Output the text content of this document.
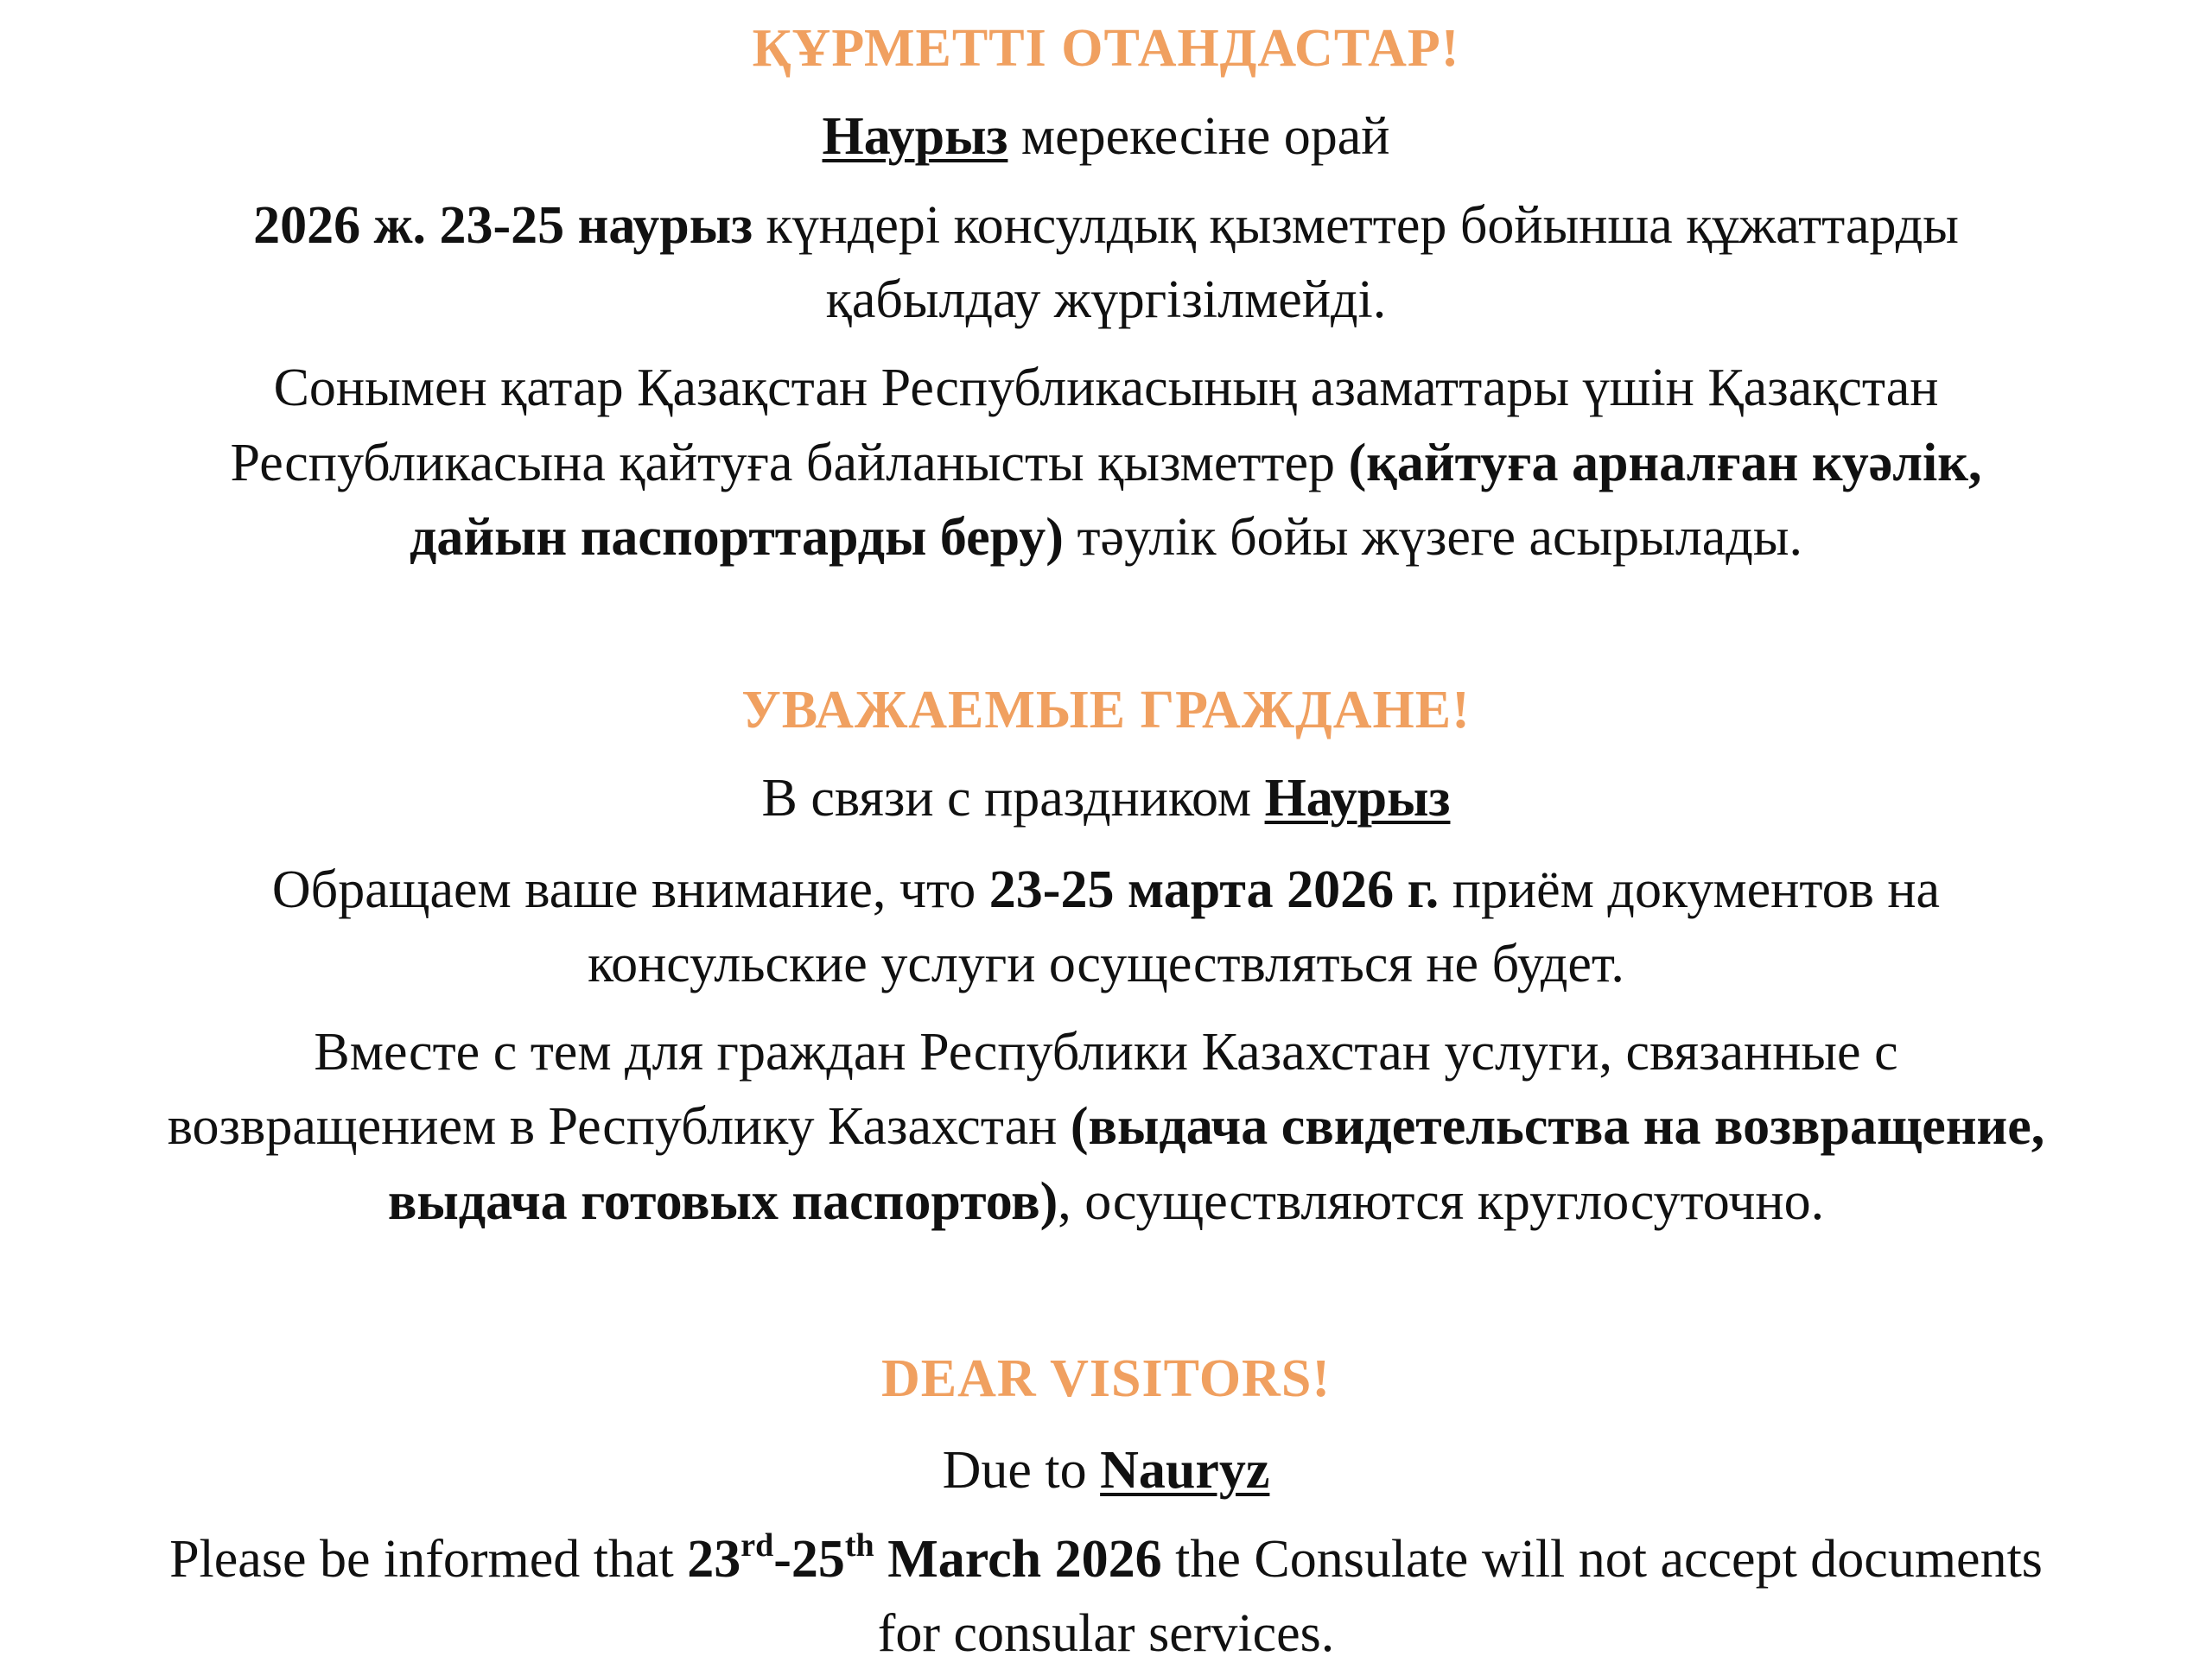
ҚҰРМЕТТІ ОТАНДАСТАР!
Наурыз мерекесіне орай
2026 ж. 23-25 наурыз күндері консулдық қызметтер бойынша құжаттарды
қабылдау жүргізілмейді.
Сонымен қатар Қазақстан Республикасының азаматтары үшін Қазақстан
Республикасына қайтуға байланысты қызметтер (қайтуға арналған куәлік,
дайын паспорттарды беру) тәулік бойы жүзеге асырылады.
УВАЖАЕМЫЕ ГРАЖДАНЕ!
В связи с праздником Наурыз
Обращаем ваше внимание, что 23-25 марта 2026 г. приём документов на
консульские услуги осуществляться не будет.
Вместе с тем для граждан Республики Казахстан услуги, связанные с
возвращением в Республику Казахстан (выдача свидетельства на возвращение,
выдача готовых паспортов), осуществляются круглосуточно.
DEAR VISITORS!
Due to Nauryz
Please be informed that 23rd-25th March 2026 the Consulate will not accept documents
for consular services.
